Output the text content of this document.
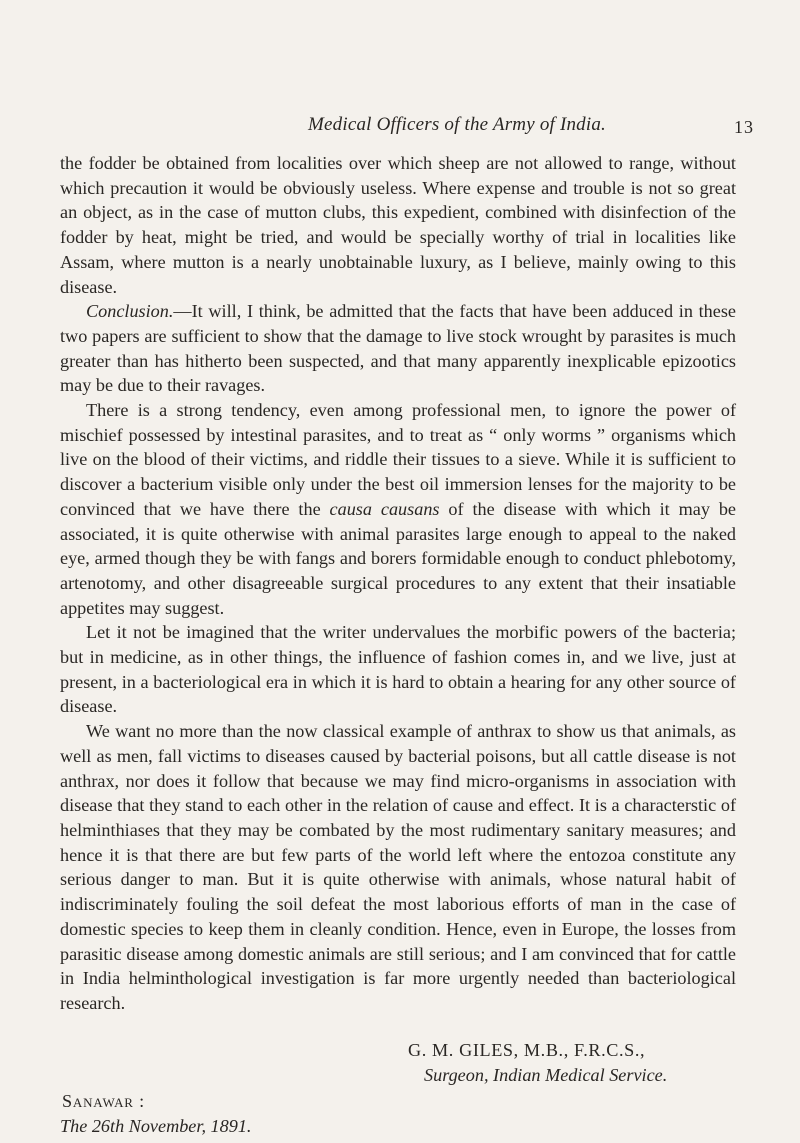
Medical Officers of the Army of India.	13

the fodder be obtained from localities over which sheep are not allowed to range, without which precaution it would be obviously useless. Where expense and trouble is not so great an object, as in the case of mutton clubs, this expedient, combined with disinfection of the fodder by heat, might be tried, and would be specially worthy of trial in localities like Assam, where mutton is a nearly unobtainable luxury, as I believe, mainly owing to this disease.

Conclusion.—It will, I think, be admitted that the facts that have been adduced in these two papers are sufficient to show that the damage to live stock wrought by parasites is much greater than has hitherto been suspected, and that many apparently inexplicable epizootics may be due to their ravages.

There is a strong tendency, even among professional men, to ignore the power of mischief possessed by intestinal parasites, and to treat as “ only worms ” organisms which live on the blood of their victims, and riddle their tissues to a sieve. While it is sufficient to discover a bacterium visible only under the best oil immersion lenses for the majority to be convinced that we have there the causa causans of the disease with which it may be associated, it is quite otherwise with animal parasites large enough to appeal to the naked eye, armed though they be with fangs and borers formidable enough to conduct phlebotomy, artenotomy, and other disagreeable surgical procedures to any extent that their insatiable appetites may suggest.

Let it not be imagined that the writer undervalues the morbific powers of the bacteria; but in medicine, as in other things, the influence of fashion comes in, and we live, just at present, in a bacteriological era in which it is hard to obtain a hearing for any other source of disease.

We want no more than the now classical example of anthrax to show us that animals, as well as men, fall victims to diseases caused by bacterial poisons, but all cattle disease is not anthrax, nor does it follow that because we may find micro-organisms in association with disease that they stand to each other in the relation of cause and effect. It is a characterstic of helminthiases that they may be combated by the most rudimentary sanitary measures; and hence it is that there are but few parts of the world left where the entozoa constitute any serious danger to man. But it is quite otherwise with animals, whose natural habit of indiscriminately fouling the soil defeat the most laborious efforts of man in the case of domestic species to keep them in cleanly condition. Hence, even in Europe, the losses from parasitic disease among domestic animals are still serious; and I am convinced that for cattle in India helminthological investigation is far more urgently needed than bacteriological research.

G. M. GILES, M.B., F.R.C.S.,
Surgeon, Indian Medical Service.
Sanawar :
The 26th November, 1891.
